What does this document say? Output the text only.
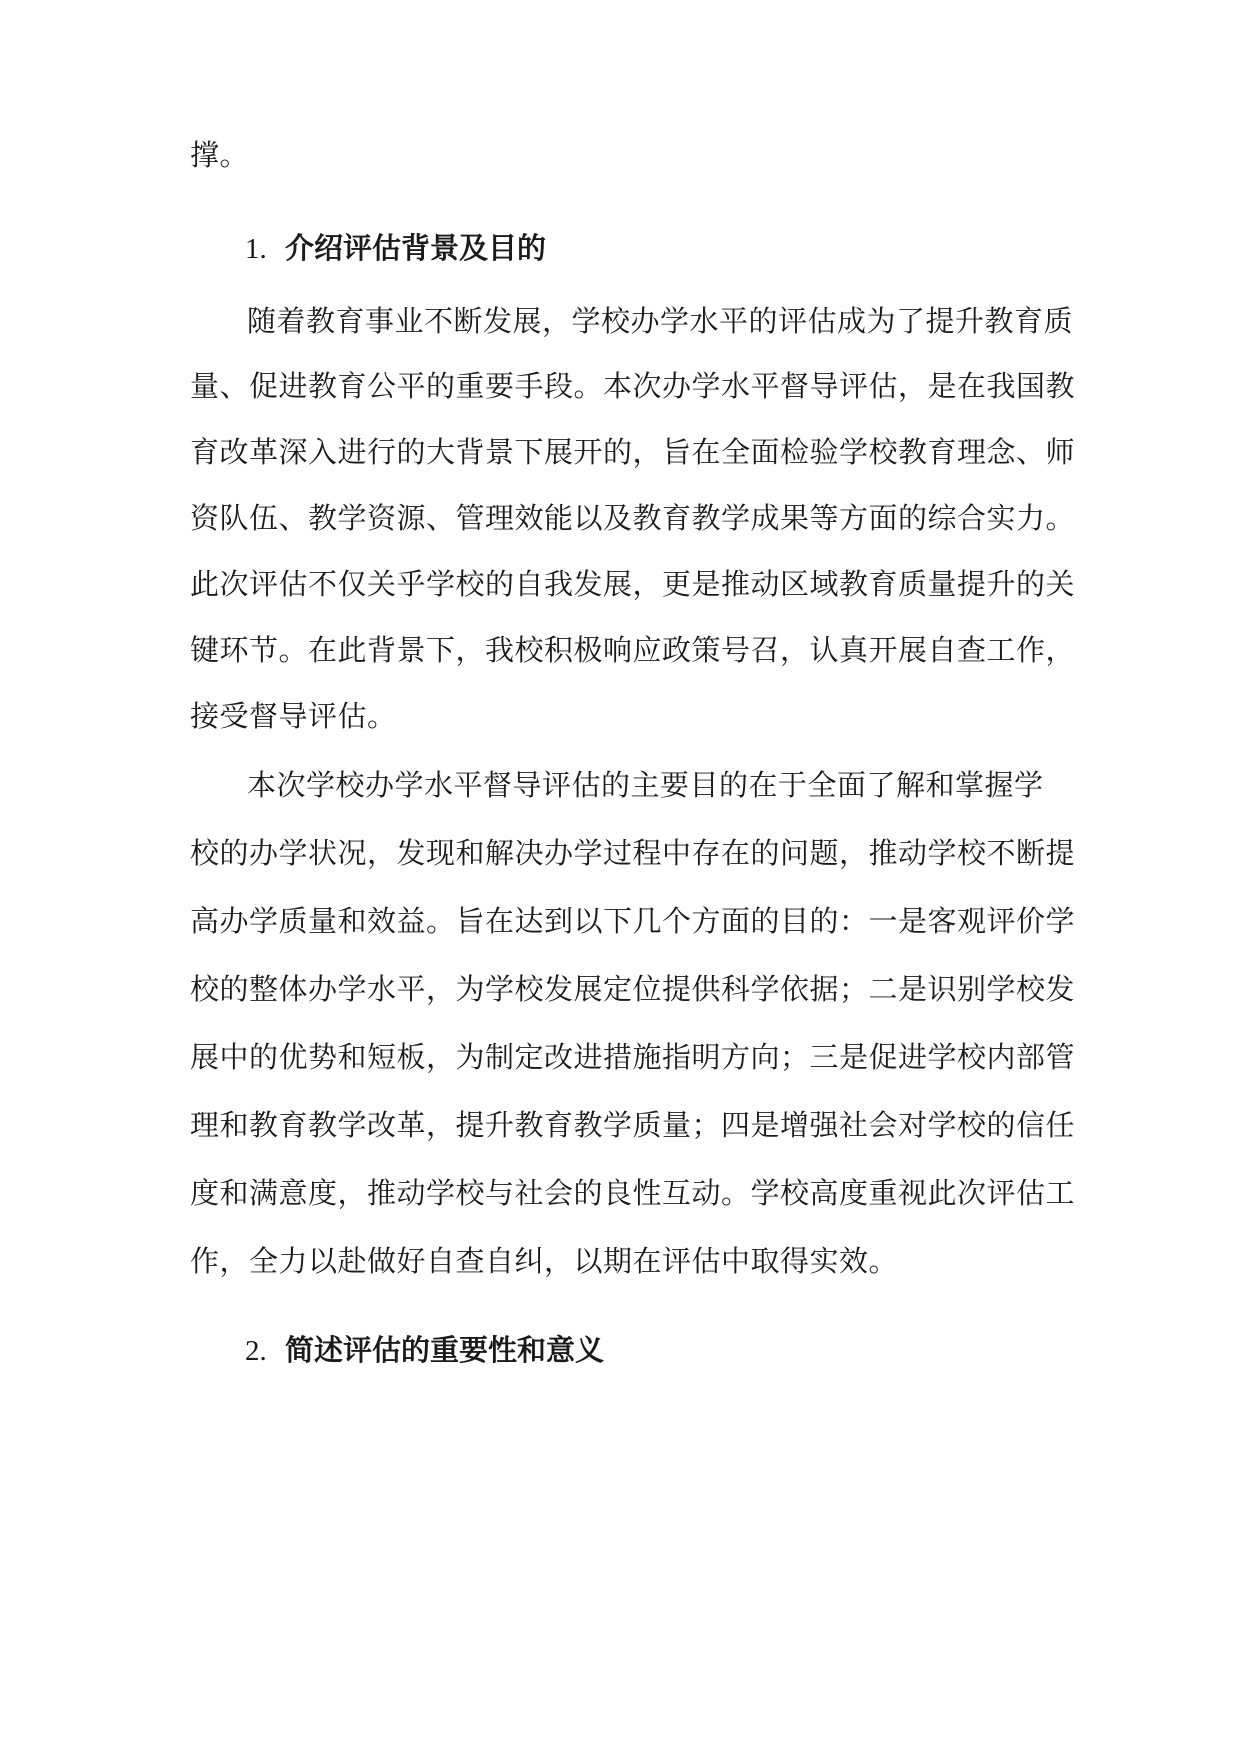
撑。
1. 介绍评估背景及目的
随着教育事业不断发展，学校办学水平的评估成为了提升教育质
量、促进教育公平的重要手段。本次办学水平督导评估，是在我国教
育改革深入进行的大背景下展开的，旨在全面检验学校教育理念、师
资队伍、教学资源、管理效能以及教育教学成果等方面的综合实力。
此次评估不仅关乎学校的自我发展，更是推动区域教育质量提升的关
键环节。在此背景下，我校积极响应政策号召，认真开展自查工作，
接受督导评估。
本次学校办学水平督导评估的主要目的在于全面了解和掌握学
校的办学状况，发现和解决办学过程中存在的问题，推动学校不断提
高办学质量和效益。旨在达到以下几个方面的目的：一是客观评价学
校的整体办学水平，为学校发展定位提供科学依据；二是识别学校发
展中的优势和短板，为制定改进措施指明方向；三是促进学校内部管
理和教育教学改革，提升教育教学质量；四是增强社会对学校的信任
度和满意度，推动学校与社会的良性互动。学校高度重视此次评估工
作，全力以赴做好自查自纠，以期在评估中取得实效。
2. 简述评估的重要性和意义
